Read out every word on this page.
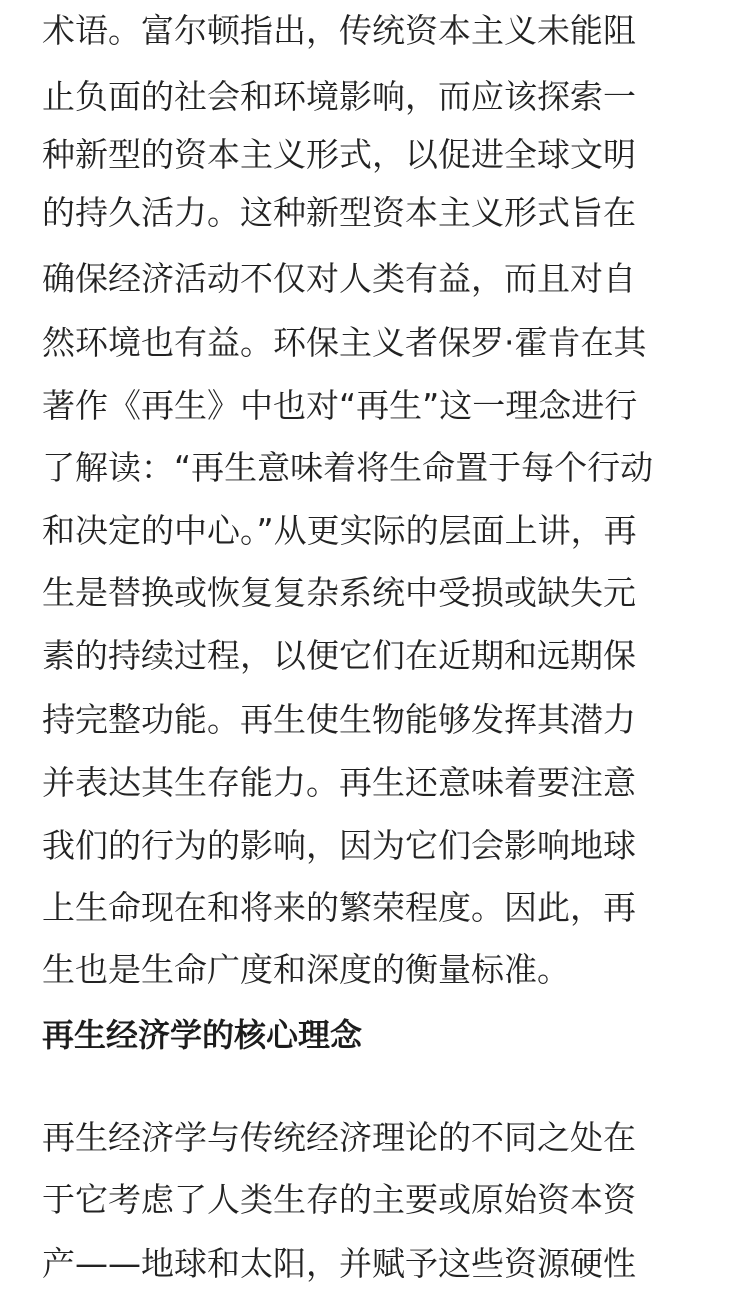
术语。富尔顿指出，传统资本主义未能阻
止负面的社会和环境影响，而应该探索一
种新型的资本主义形式，以促进全球文明
的持久活力。这种新型资本主义形式旨在
确保经济活动不仅对人类有益，而且对自
然环境也有益。环保主义者保罗·霍肯在其
著作《再生》中也对“再生”这一理念进行
了解读：“再生意味着将生命置于每个行动
和决定的中心。”从更实际的层面上讲，再
生是替换或恢复复杂系统中受损或缺失元
素的持续过程，以便它们在近期和远期保
持完整功能。再生使生物能够发挥其潜力
并表达其生存能力。再生还意味着要注意
我们的行为的影响，因为它们会影响地球
上生命现在和将来的繁荣程度。因此，再
生也是生命广度和深度的衡量标准。
再生经济学的核心理念
再生经济学与传统经济理论的不同之处在
于它考虑了人类生存的主要或原始资本资
产——地球和太阳，并赋予这些资源硬性
